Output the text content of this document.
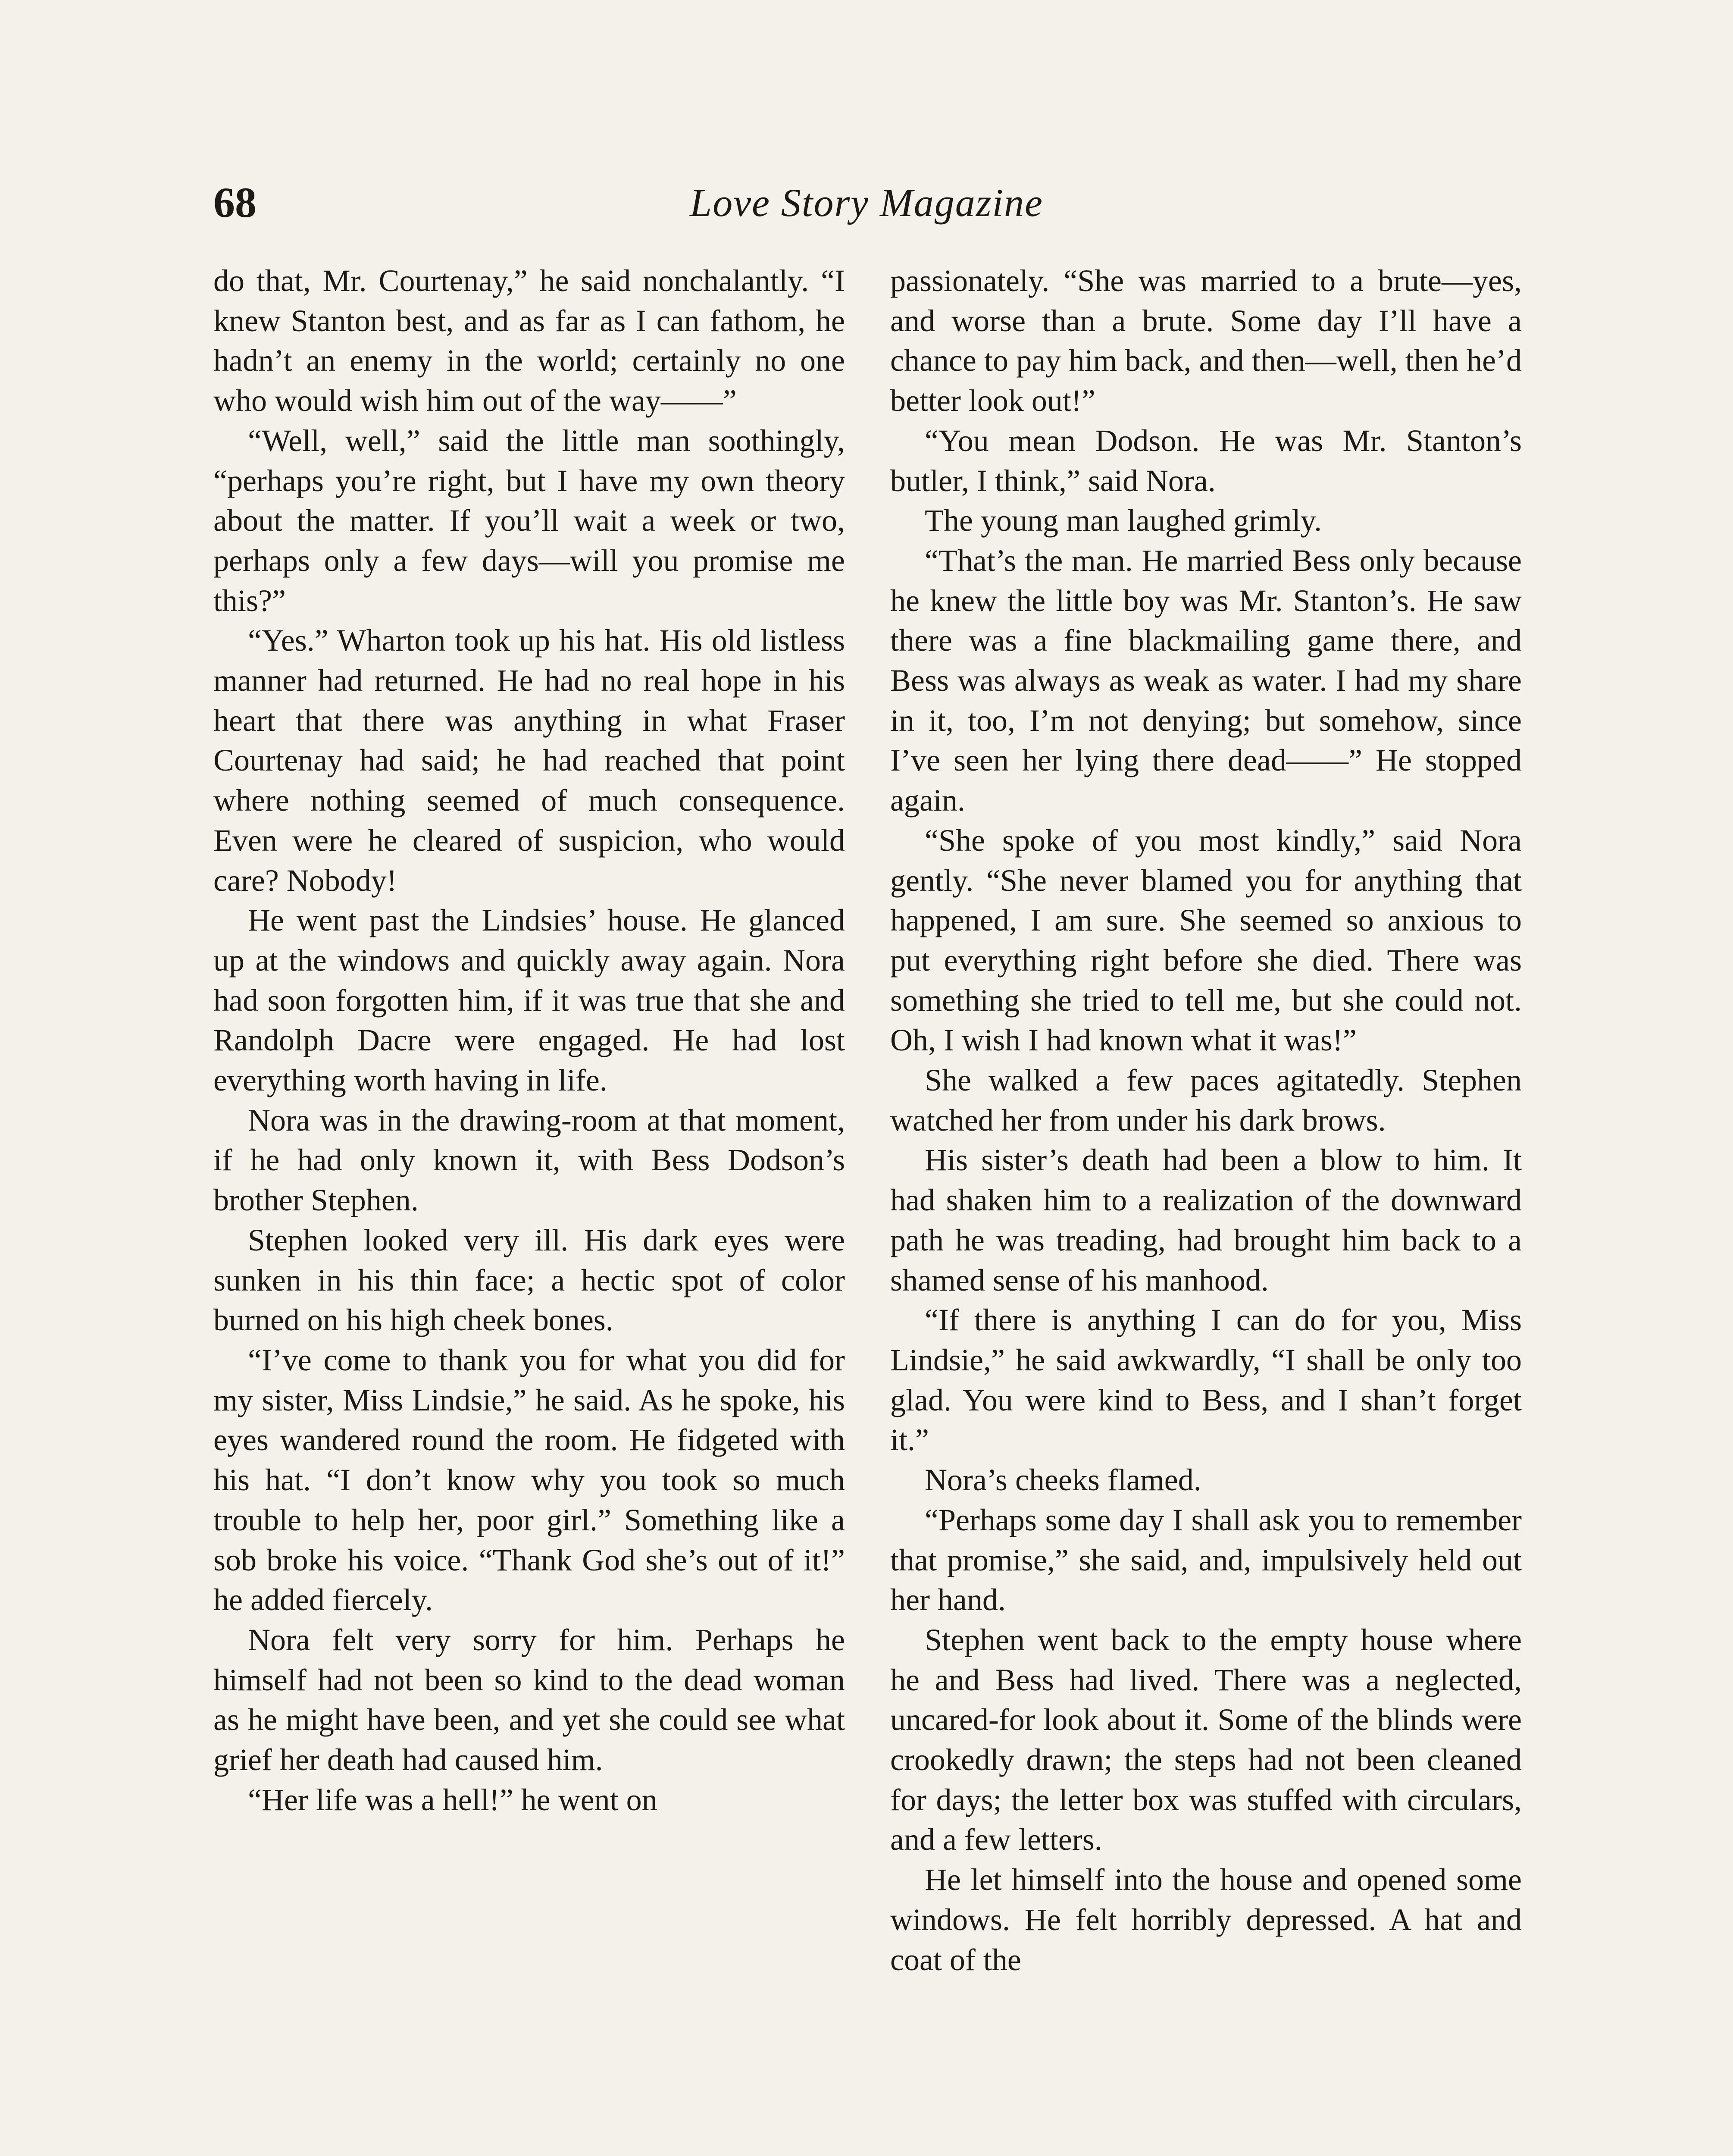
68	Love Story Magazine

do that, Mr. Courtenay,” he said nonchalantly. “I knew Stanton best, and as far as I can fathom, he hadn’t an enemy in the world; certainly no one who would wish him out of the way——”

“Well, well,” said the little man soothingly, “perhaps you’re right, but I have my own theory about the matter. If you’ll wait a week or two, perhaps only a few days—will you promise me this?”

“Yes.” Wharton took up his hat. His old listless manner had returned. He had no real hope in his heart that there was anything in what Fraser Courtenay had said; he had reached that point where nothing seemed of much consequence. Even were he cleared of suspicion, who would care? Nobody!

He went past the Lindsies’ house. He glanced up at the windows and quickly away again. Nora had soon forgotten him, if it was true that she and Randolph Dacre were engaged. He had lost everything worth having in life.

Nora was in the drawing-room at that moment, if he had only known it, with Bess Dodson’s brother Stephen.

Stephen looked very ill. His dark eyes were sunken in his thin face; a hectic spot of color burned on his high cheek bones.

“I’ve come to thank you for what you did for my sister, Miss Lindsie,” he said. As he spoke, his eyes wandered round the room. He fidgeted with his hat. “I don’t know why you took so much trouble to help her, poor girl.” Something like a sob broke his voice. “Thank God she’s out of it!” he added fiercely.

Nora felt very sorry for him. Perhaps he himself had not been so kind to the dead woman as he might have been, and yet she could see what grief her death had caused him.

“Her life was a hell!” he went on

passionately. “She was married to a brute—yes, and worse than a brute. Some day I’ll have a chance to pay him back, and then—well, then he’d better look out!”

“You mean Dodson. He was Mr. Stanton’s butler, I think,” said Nora.

The young man laughed grimly.

“That’s the man. He married Bess only because he knew the little boy was Mr. Stanton’s. He saw there was a fine blackmailing game there, and Bess was always as weak as water. I had my share in it, too, I’m not denying; but somehow, since I’ve seen her lying there dead——” He stopped again.

“She spoke of you most kindly,” said Nora gently. “She never blamed you for anything that happened, I am sure. She seemed so anxious to put everything right before she died. There was something she tried to tell me, but she could not. Oh, I wish I had known what it was!”

She walked a few paces agitatedly. Stephen watched her from under his dark brows.

His sister’s death had been a blow to him. It had shaken him to a realization of the downward path he was treading, had brought him back to a shamed sense of his manhood.

“If there is anything I can do for you, Miss Lindsie,” he said awkwardly, “I shall be only too glad. You were kind to Bess, and I shan’t forget it.”

Nora’s cheeks flamed.

“Perhaps some day I shall ask you to remember that promise,” she said, and, impulsively held out her hand.

Stephen went back to the empty house where he and Bess had lived. There was a neglected, uncared-for look about it. Some of the blinds were crookedly drawn; the steps had not been cleaned for days; the letter box was stuffed with circulars, and a few letters.

He let himself into the house and opened some windows. He felt horribly depressed. A hat and coat of the
